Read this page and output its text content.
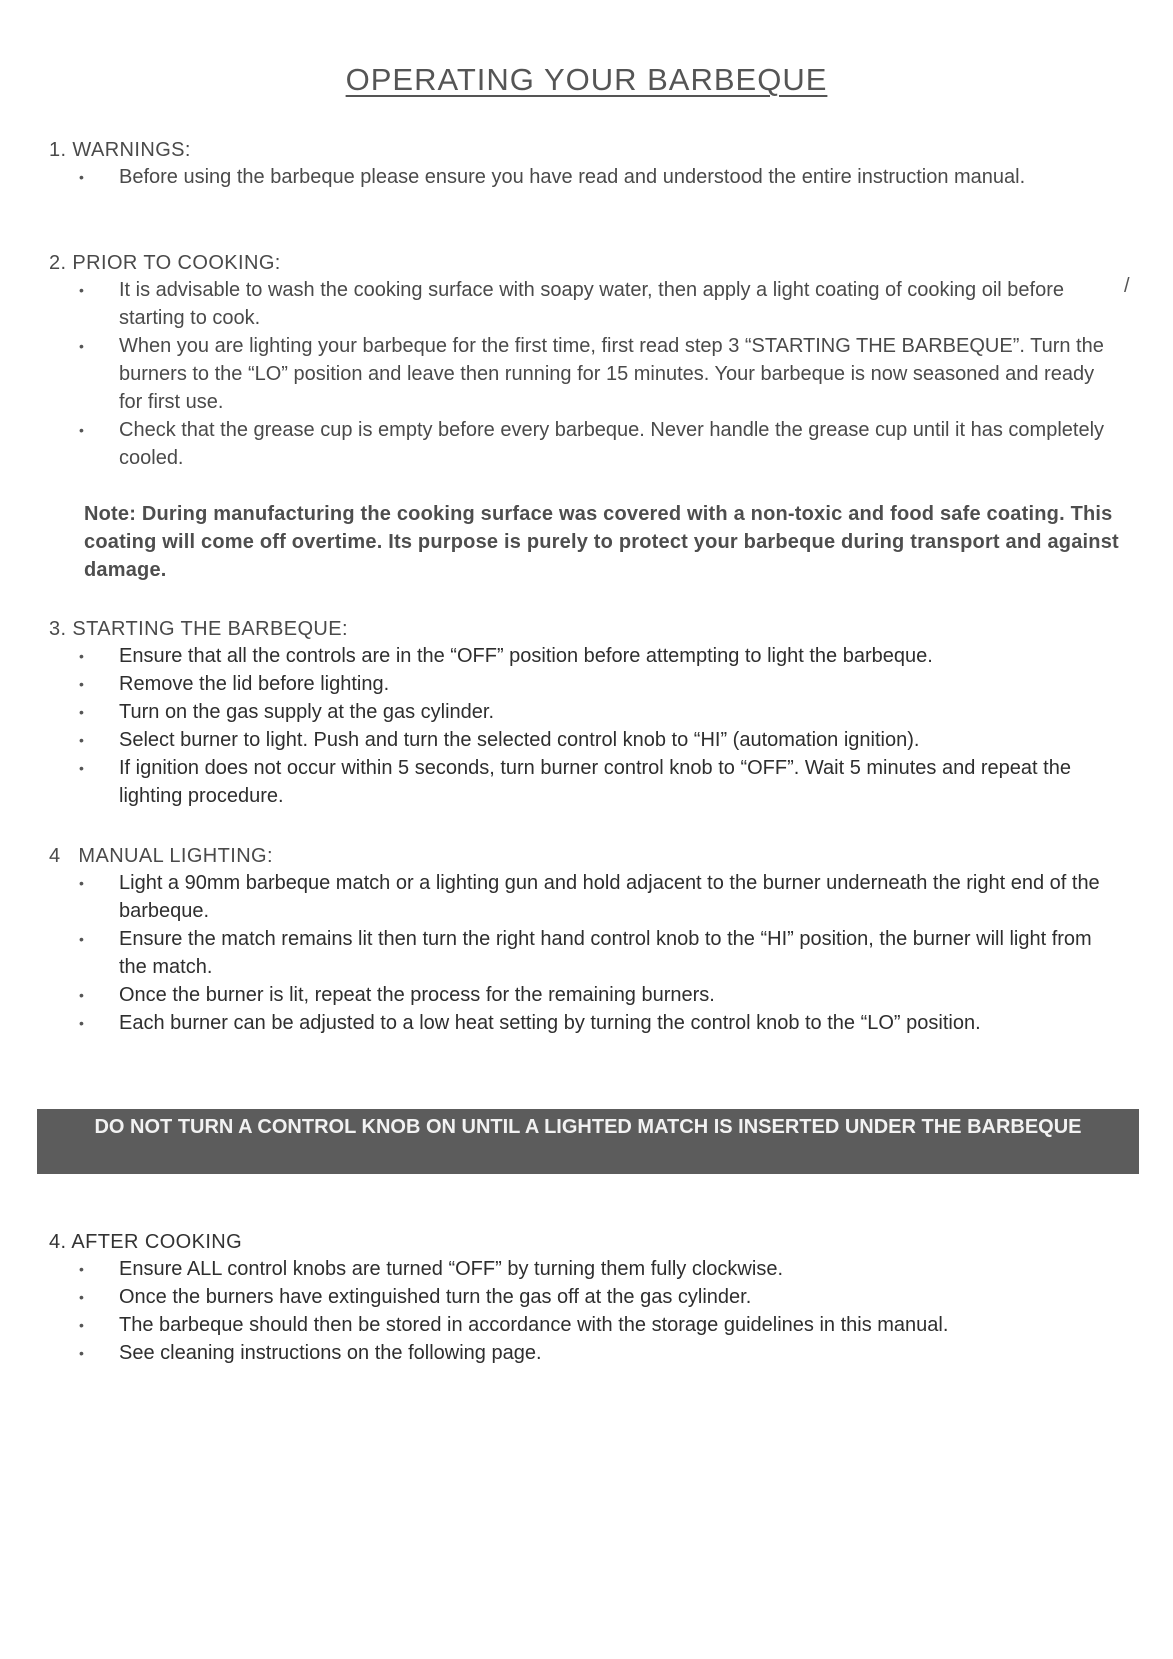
OPERATING YOUR BARBEQUE
/
1. WARNINGS:
• Before using the barbeque please ensure you have read and understood the entire instruction manual.
2. PRIOR TO COOKING:
• It is advisable to wash the cooking surface with soapy water, then apply a light coating of cooking oil before starting to cook.
• When you are lighting your barbeque for the first time, first read step 3 “STARTING THE BARBEQUE”. Turn the burners to the “LO” position and leave then running for 15 minutes. Your barbeque is now seasoned and ready for first use.
• Check that the grease cup is empty before every barbeque. Never handle the grease cup until it has completely cooled.
Note: During manufacturing the cooking surface was covered with a non-toxic and food safe coating. This coating will come off overtime. Its purpose is purely to protect your barbeque during transport and against damage.
3. STARTING THE BARBEQUE:
• Ensure that all the controls are in the “OFF” position before attempting to light the barbeque.
• Remove the lid before lighting.
• Turn on the gas supply at the gas cylinder.
• Select burner to light. Push and turn the selected control knob to “HI” (automation ignition).
• If ignition does not occur within 5 seconds, turn burner control knob to “OFF”. Wait 5 minutes and repeat the lighting procedure.
4   MANUAL LIGHTING:
• Light a 90mm barbeque match or a lighting gun and hold adjacent to the burner underneath the right end of the barbeque.
• Ensure the match remains lit then turn the right hand control knob to the “HI” position, the burner will light from the match.
• Once the burner is lit, repeat the process for the remaining burners.
• Each burner can be adjusted to a low heat setting by turning the control knob to the “LO” position.
DO NOT TURN A CONTROL KNOB ON UNTIL A LIGHTED MATCH IS INSERTED UNDER THE BARBEQUE
4. AFTER COOKING
• Ensure ALL control knobs are turned “OFF” by turning them fully clockwise.
• Once the burners have extinguished turn the gas off at the gas cylinder.
• The barbeque should then be stored in accordance with the storage guidelines in this manual.
• See cleaning instructions on the following page.
